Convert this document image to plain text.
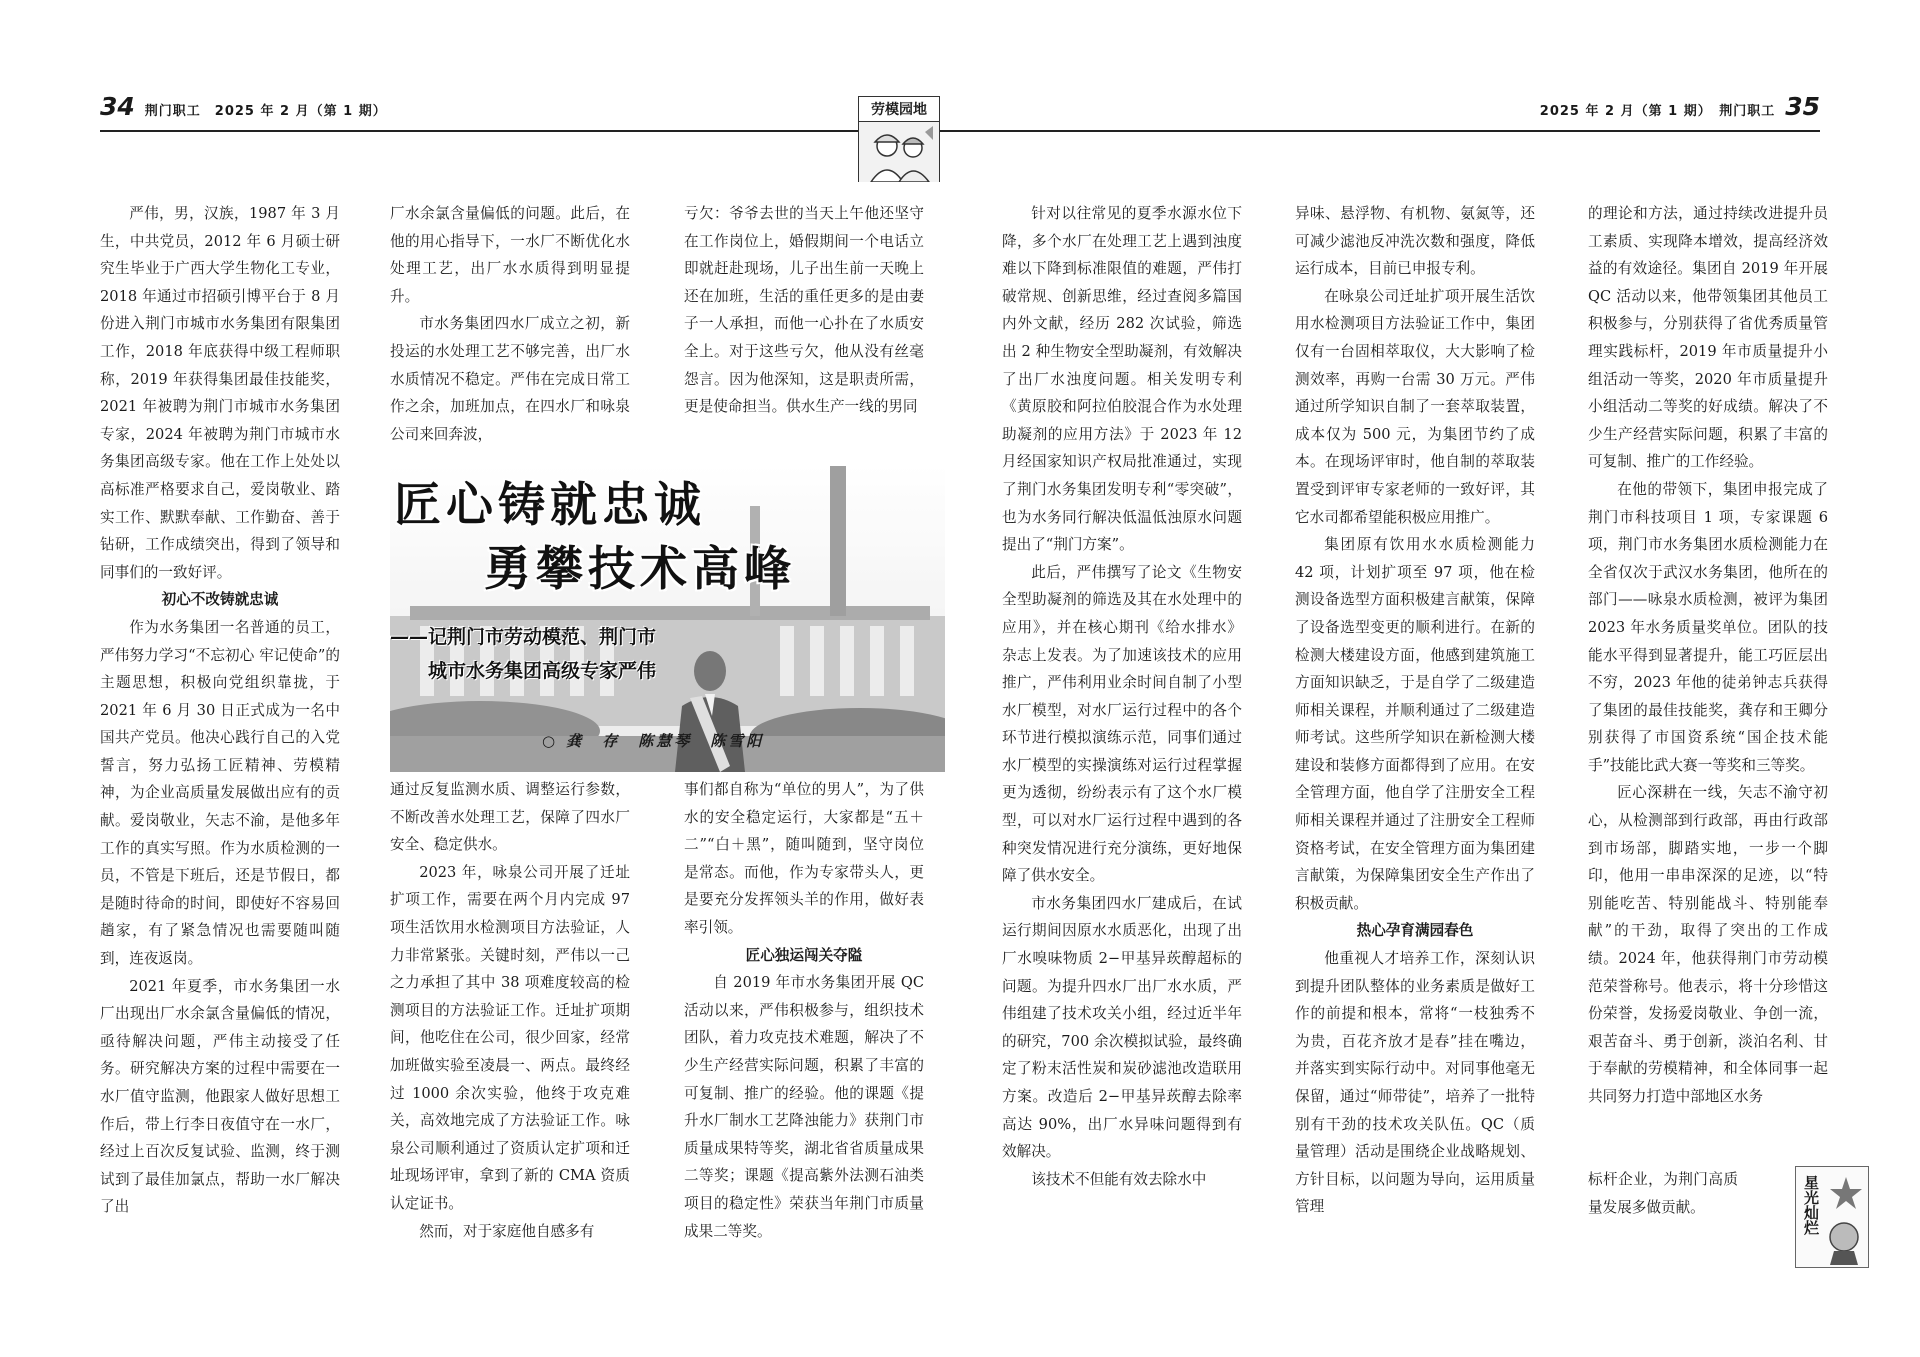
34 荆门职工　2025 年 2 月（第 1 期）	劳模园地

严伟，男，汉族，1987 年 3 月生，中共党员，2012 年 6 月硕士研究生毕业于广西大学生物化工专业，2018 年通过市招硕引博平台于 8 月份进入荆门市城市水务集团有限集团工作，2018 年底获得中级工程师职称，2019 年获得集团最佳技能奖，2021 年被聘为荆门市城市水务集团专家，2024 年被聘为荆门市城市水务集团高级专家。他在工作上处处以高标准严格要求自己，爱岗敬业、踏实工作、默默奉献、工作勤奋、善于钻研，工作成绩突出，得到了领导和同事们的一致好评。

初心不改铸就忠诚

作为水务集团一名普通的员工，严伟努力学习“不忘初心 牢记使命”的主题思想，积极向党组织靠拢，于 2021 年 6 月 30 日正式成为一名中国共产党员。他决心践行自己的入党誓言，努力弘扬工匠精神、劳模精神，为企业高质量发展做出应有的贡献。爱岗敬业，矢志不渝，是他多年工作的真实写照。作为水质检测的一员，不管是下班后，还是节假日，都是随时待命的时间，即使好不容易回趟家，有了紧急情况也需要随叫随到，连夜返岗。

2021 年夏季，市水务集团一水厂出现出厂水余氯含量偏低的情况，亟待解决问题，严伟主动接受了任务。研究解决方案的过程中需要在一水厂值守监测，他跟家人做好思想工作后，带上行李日夜值守在一水厂，经过上百次反复试验、监测，终于测试到了最佳加氯点，帮助一水厂解决了出

厂水余氯含量偏低的问题。此后，在他的用心指导下，一水厂不断优化水处理工艺，出厂水水质得到明显提升。

市水务集团四水厂成立之初，新投运的水处理工艺不够完善，出厂水水质情况不稳定。严伟在完成日常工作之余，加班加点，在四水厂和咏泉公司来回奔波，

亏欠：爷爷去世的当天上午他还坚守在工作岗位上，婚假期间一个电话立即就赶赴现场，儿子出生前一天晚上还在加班，生活的重任更多的是由妻子一人承担，而他一心扑在了水质安全上。对于这些亏欠，他从没有丝毫怨言。因为他深知，这是职责所需，更是使命担当。供水生产一线的男同

匠心铸就忠诚
勇攀技术高峰
——记荆门市劳动模范、荆门市
城市水务集团高级专家严伟
○ 龚　存　陈慧琴　陈雪阳

通过反复监测水质、调整运行参数，不断改善水处理工艺，保障了四水厂安全、稳定供水。

2023 年，咏泉公司开展了迁址扩项工作，需要在两个月内完成 97 项生活饮用水检测项目方法验证，人力非常紧张。关键时刻，严伟以一己之力承担了其中 38 项难度较高的检测项目的方法验证工作。迁址扩项期间，他吃住在公司，很少回家，经常加班做实验至凌晨一、两点。最终经过 1000 余次实验，他终于攻克难关，高效地完成了方法验证工作。咏泉公司顺利通过了资质认定扩项和迁址现场评审，拿到了新的 CMA 资质认定证书。

然而，对于家庭他自感多有

事们都自称为“单位的男人”，为了供水的安全稳定运行，大家都是“五＋二”“白＋黑”，随叫随到，坚守岗位是常态。而他，作为专家带头人，更是要充分发挥领头羊的作用，做好表率引领。

匠心独运闯关夺隘

自 2019 年市水务集团开展 QC 活动以来，严伟积极参与，组织技术团队，着力攻克技术难题，解决了不少生产经营实际问题，积累了丰富的可复制、推广的经验。他的课题《提升水厂制水工艺降浊能力》获荆门市质量成果特等奖，湖北省省质量成果二等奖；课题《提高紫外法测石油类项目的稳定性》荣获当年荆门市质量成果二等奖。

2025 年 2 月（第 1 期）　荆门职工 35

针对以往常见的夏季水源水位下降，多个水厂在处理工艺上遇到浊度难以下降到标准限值的难题，严伟打破常规、创新思维，经过查阅多篇国内外文献，经历 282 次试验，筛选出 2 种生物安全型助凝剂，有效解决了出厂水浊度问题。相关发明专利《黄原胶和阿拉伯胶混合作为水处理助凝剂的应用方法》于 2023 年 12 月经国家知识产权局批准通过，实现了荆门水务集团发明专利“零突破”，也为水务同行解决低温低浊原水问题提出了“荆门方案”。

此后，严伟撰写了论文《生物安全型助凝剂的筛选及其在水处理中的应用》，并在核心期刊《给水排水》杂志上发表。为了加速该技术的应用推广，严伟利用业余时间自制了小型水厂模型，对水厂运行过程中的各个环节进行模拟演练示范，同事们通过水厂模型的实操演练对运行过程掌握更为透彻，纷纷表示有了这个水厂模型，可以对水厂运行过程中遇到的各种突发情况进行充分演练，更好地保障了供水安全。

市水务集团四水厂建成后，在试运行期间因原水水质恶化，出现了出厂水嗅味物质 2−甲基异莰醇超标的问题。为提升四水厂出厂水水质，严伟组建了技术攻关小组，经过近半年的研究，700 余次模拟试验，最终确定了粉末活性炭和炭砂滤池改造联用方案。改造后 2−甲基异莰醇去除率高达 90%，出厂水异味问题得到有效解决。

该技术不但能有效去除水中

异味、悬浮物、有机物、氨氮等，还可减少滤池反冲洗次数和强度，降低运行成本，目前已申报专利。

在咏泉公司迁址扩项开展生活饮用水检测项目方法验证工作中，集团仅有一台固相萃取仪，大大影响了检测效率，再购一台需 30 万元。严伟通过所学知识自制了一套萃取装置，成本仅为 500 元，为集团节约了成本。在现场评审时，他自制的萃取装置受到评审专家老师的一致好评，其它水司都希望能积极应用推广。

集团原有饮用水水质检测能力 42 项，计划扩项至 97 项，他在检测设备选型方面积极建言献策，保障了设备选型变更的顺利进行。在新的检测大楼建设方面，他感到建筑施工方面知识缺乏，于是自学了二级建造师相关课程，并顺利通过了二级建造师考试。这些所学知识在新检测大楼建设和装修方面都得到了应用。在安全管理方面，他自学了注册安全工程师相关课程并通过了注册安全工程师资格考试，在安全管理方面为集团建言献策，为保障集团安全生产作出了积极贡献。

热心孕育满园春色

他重视人才培养工作，深刻认识到提升团队整体的业务素质是做好工作的前提和根本，常将“一枝独秀不为贵，百花齐放才是春”挂在嘴边，并落实到实际行动中。对同事他毫无保留，通过“师带徒”，培养了一批特别有干劲的技术攻关队伍。QC（质量管理）活动是围绕企业战略规划、方针目标，以问题为导向，运用质量管理

的理论和方法，通过持续改进提升员工素质、实现降本增效，提高经济效益的有效途径。集团自 2019 年开展 QC 活动以来，他带领集团其他员工积极参与，分别获得了省优秀质量管理实践标杆，2019 年市质量提升小组活动一等奖，2020 年市质量提升小组活动二等奖的好成绩。解决了不少生产经营实际问题，积累了丰富的可复制、推广的工作经验。

在他的带领下，集团申报完成了荆门市科技项目 1 项，专家课题 6 项，荆门市水务集团水质检测能力在全省仅次于武汉水务集团，他所在的部门——咏泉水质检测，被评为集团 2023 年水务质量奖单位。团队的技能水平得到显著提升，能工巧匠层出不穷，2023 年他的徒弟钟志兵获得了集团的最佳技能奖，龚存和王卿分别获得了市国资系统“国企技术能手”技能比武大赛一等奖和三等奖。

匠心深耕在一线，矢志不渝守初心，从检测部到行政部，再由行政部到市场部，脚踏实地，一步一个脚印，他用一串串深深的足迹，以“特别能吃苦、特别能战斗、特别能奉献”的干劲，取得了突出的工作成绩。2024 年，他获得荆门市劳动模范荣誉称号。他表示，将十分珍惜这份荣誉，发扬爱岗敬业、争创一流，艰苦奋斗、勇于创新，淡泊名利、甘于奉献的劳模精神，和全体同事一起共同努力打造中部地区水务

标杆企业，为荆门高质量发展多做贡献。	星光灿烂
